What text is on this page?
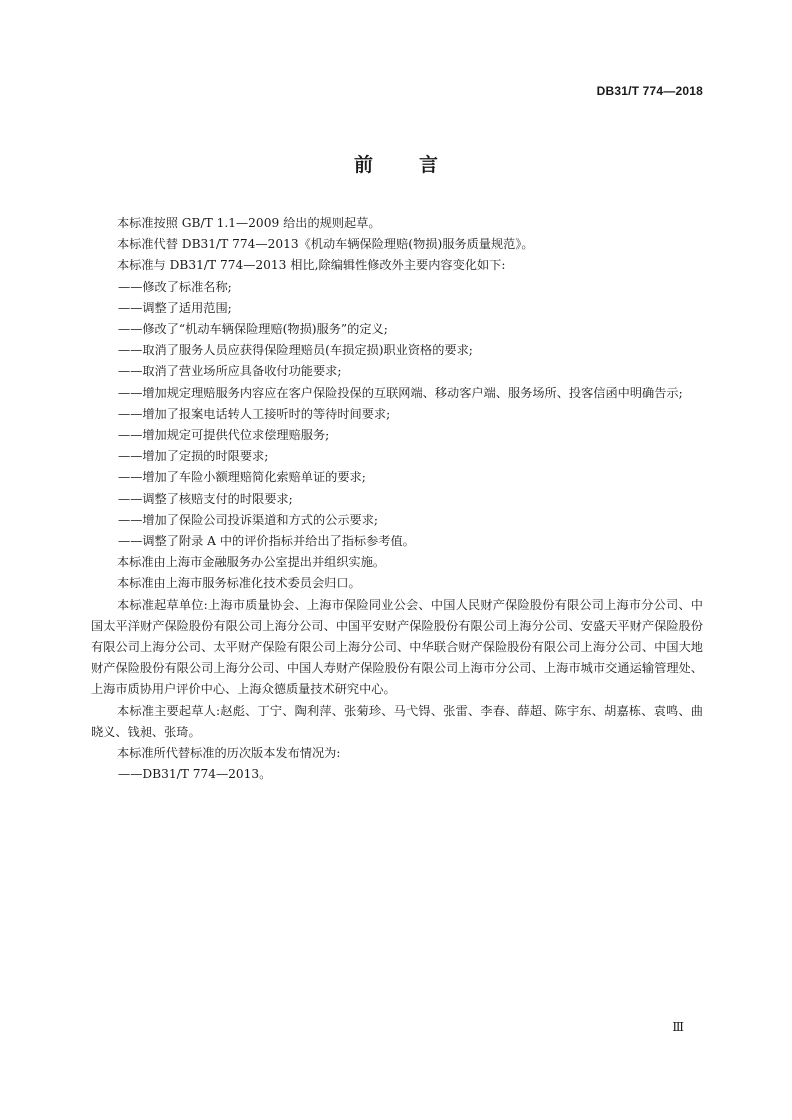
DB31/T 774—2018
前言

本标准按照 GB/T 1.1—2009 给出的规则起草。

本标准代替 DB31/T 774—2013《机动车辆保险理赔(物损)服务质量规范》。

本标准与 DB31/T 774—2013 相比,除编辑性修改外主要内容变化如下:

——修改了标准名称;

——调整了适用范围;

——修改了“机动车辆保险理赔(物损)服务”的定义;

——取消了服务人员应获得保险理赔员(车损定损)职业资格的要求;

——取消了营业场所应具备收付功能要求;

——增加规定理赔服务内容应在客户保险投保的互联网端、移动客户端、服务场所、投客信函中明确告示;

——增加了报案电话转人工接听时的等待时间要求;

——增加规定可提供代位求偿理赔服务;

——增加了定损的时限要求;

——增加了车险小额理赔简化索赔单证的要求;

——调整了核赔支付的时限要求;

——增加了保险公司投诉渠道和方式的公示要求;

——调整了附录 A 中的评价指标并给出了指标参考值。

本标准由上海市金融服务办公室提出并组织实施。

本标准由上海市服务标准化技术委员会归口。

本标准起草单位:上海市质量协会、上海市保险同业公会、中国人民财产保险股份有限公司上海市分公司、中国太平洋财产保险股份有限公司上海分公司、中国平安财产保险股份有限公司上海分公司、安盛天平财产保险股份有限公司上海分公司、太平财产保险有限公司上海分公司、中华联合财产保险股份有限公司上海分公司、中国大地财产保险股份有限公司上海分公司、中国人寿财产保险股份有限公司上海市分公司、上海市城市交通运输管理处、上海市质协用户评价中心、上海众德质量技术研究中心。

本标准主要起草人:赵彪、丁宁、陶利萍、张菊珍、马弋锝、张雷、李春、薛超、陈宇东、胡嘉栋、袁鸣、曲晓义、钱昶、张琦。

本标准所代替标准的历次版本发布情况为:

——DB31/T 774—2013。

Ⅲ
